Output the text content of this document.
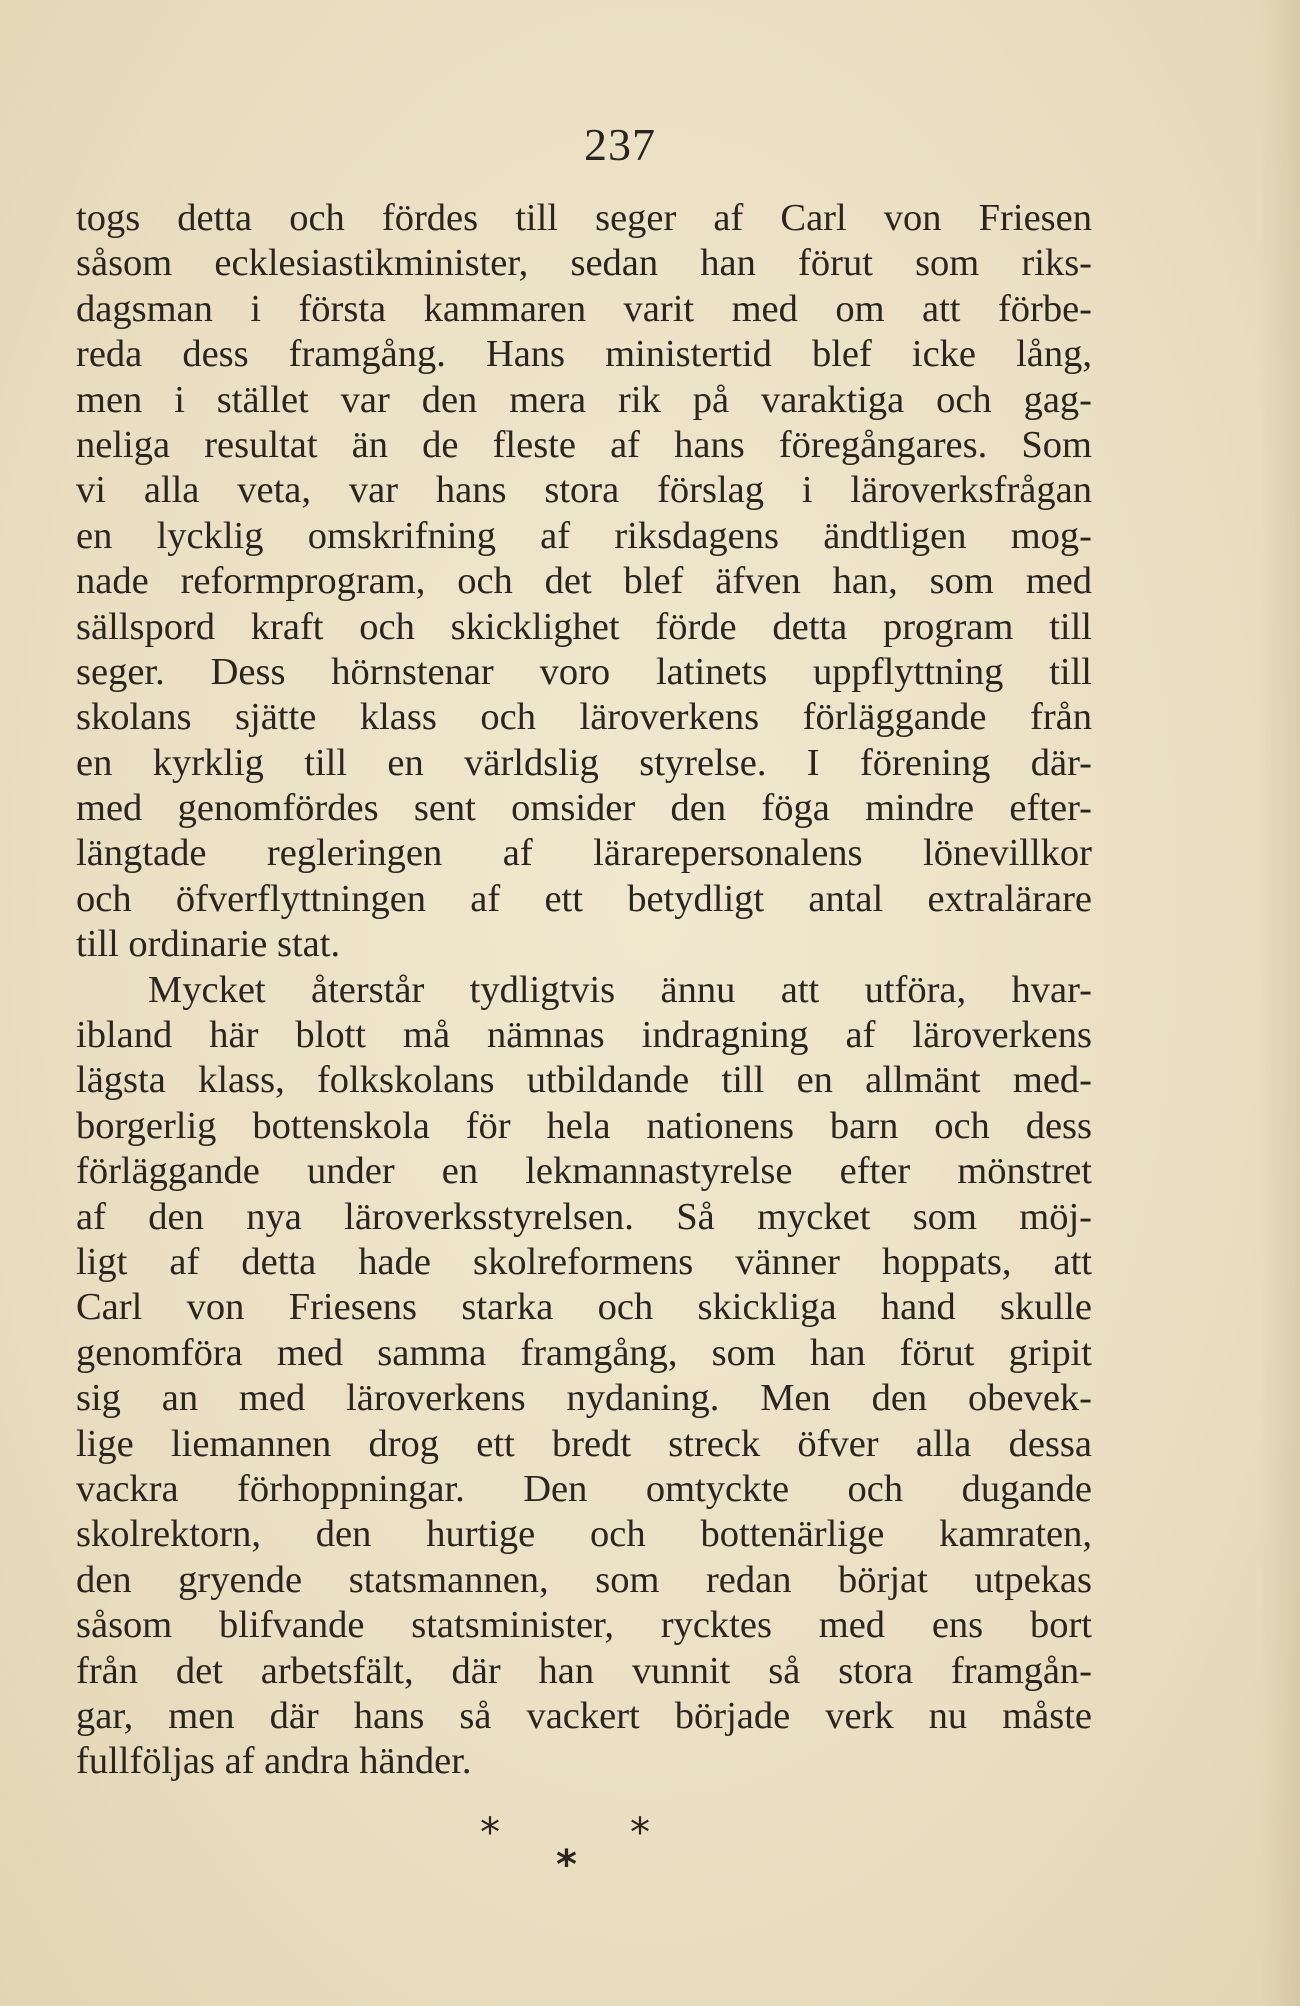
237
togs detta och fördes till seger af Carl von Friesen
såsom ecklesiastikminister, sedan han förut som riks-
dagsman i första kammaren varit med om att förbe-
reda dess framgång. Hans ministertid blef icke lång,
men i stället var den mera rik på varaktiga och gag-
neliga resultat än de fleste af hans föregångares. Som
vi alla veta, var hans stora förslag i läroverksfrågan
en lycklig omskrifning af riksdagens ändtligen mog-
nade reformprogram, och det blef äfven han, som med
sällspord kraft och skicklighet förde detta program till
seger. Dess hörnstenar voro latinets uppflyttning till
skolans sjätte klass och läroverkens förläggande från
en kyrklig till en världslig styrelse. I förening där-
med genomfördes sent omsider den föga mindre efter-
längtade regleringen af lärarepersonalens lönevillkor
och öfverflyttningen af ett betydligt antal extralärare
till ordinarie stat.
Mycket återstår tydligtvis ännu att utföra, hvar-
ibland här blott må nämnas indragning af läroverkens
lägsta klass, folkskolans utbildande till en allmänt med-
borgerlig bottenskola för hela nationens barn och dess
förläggande under en lekmannastyrelse efter mönstret
af den nya läroverksstyrelsen. Så mycket som möj-
ligt af detta hade skolreformens vänner hoppats, att
Carl von Friesens starka och skickliga hand skulle
genomföra med samma framgång, som han förut gripit
sig an med läroverkens nydaning. Men den obevek-
lige liemannen drog ett bredt streck öfver alla dessa
vackra förhoppningar. Den omtyckte och dugande
skolrektorn, den hurtige och bottenärlige kamraten,
den gryende statsmannen, som redan börjat utpekas
såsom blifvande statsminister, rycktes med ens bort
från det arbetsfält, där han vunnit så stora framgån-
gar, men där hans så vackert började verk nu måste
fullföljas af andra händer.
*
*
*
